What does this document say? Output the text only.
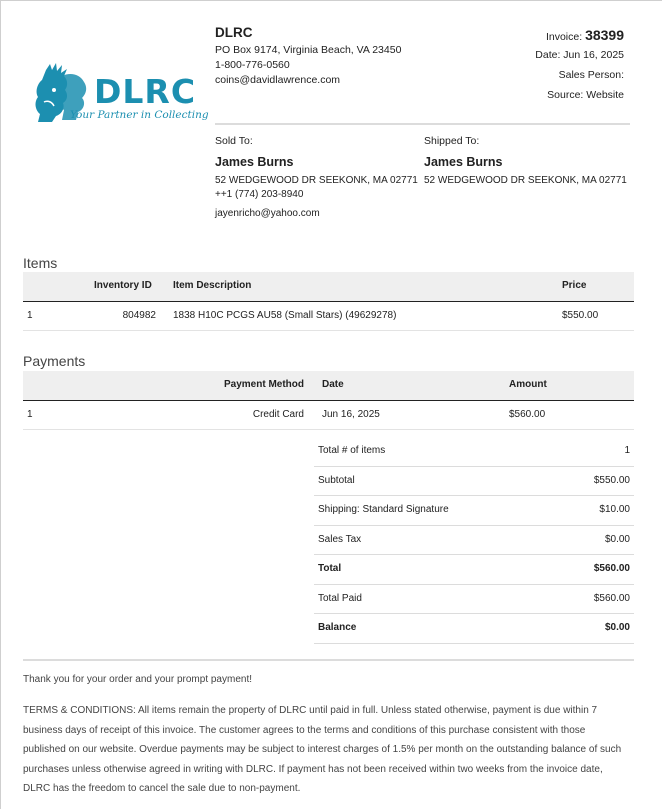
DLRC
Your Partner in Collecting
DLRC
PO Box 9174, Virginia Beach, VA 23450
1-800-776-0560
coins@davidlawrence.com
Invoice: 38399
Date: Jun 16, 2025
Sales Person:
Source: Website
Sold To:
James Burns
52 WEDGEWOOD DR SEEKONK, MA 02771
++1 (774) 203-8940
jayenricho@yahoo.com
Shipped To:
James Burns
52 WEDGEWOOD DR SEEKONK, MA 02771
Items
Inventory ID Item Description	Price
1	804982 1838 H10C PCGS AU58 (Small Stars) (49629278)	$550.00
Payments
Payment Method Date	Amount
1	Credit Card Jun 16, 2025	$560.00
Total # of items	1
Subtotal	$550.00
Shipping: Standard Signature	$10.00
Sales Tax	$0.00
Total	$560.00
Total Paid	$560.00
Balance	$0.00
Thank you for your order and your prompt payment!
TERMS & CONDITIONS: All items remain the property of DLRC until paid in full. Unless stated otherwise, payment is due within 7 business days of receipt of this invoice. The customer agrees to the terms and conditions of this purchase consistent with those published on our website. Overdue payments may be subject to interest charges of 1.5% per month on the outstanding balance of such purchases unless otherwise agreed in writing with DLRC. If payment has not been received within two weeks from the invoice date, DLRC has the freedom to cancel the sale due to non-payment.
